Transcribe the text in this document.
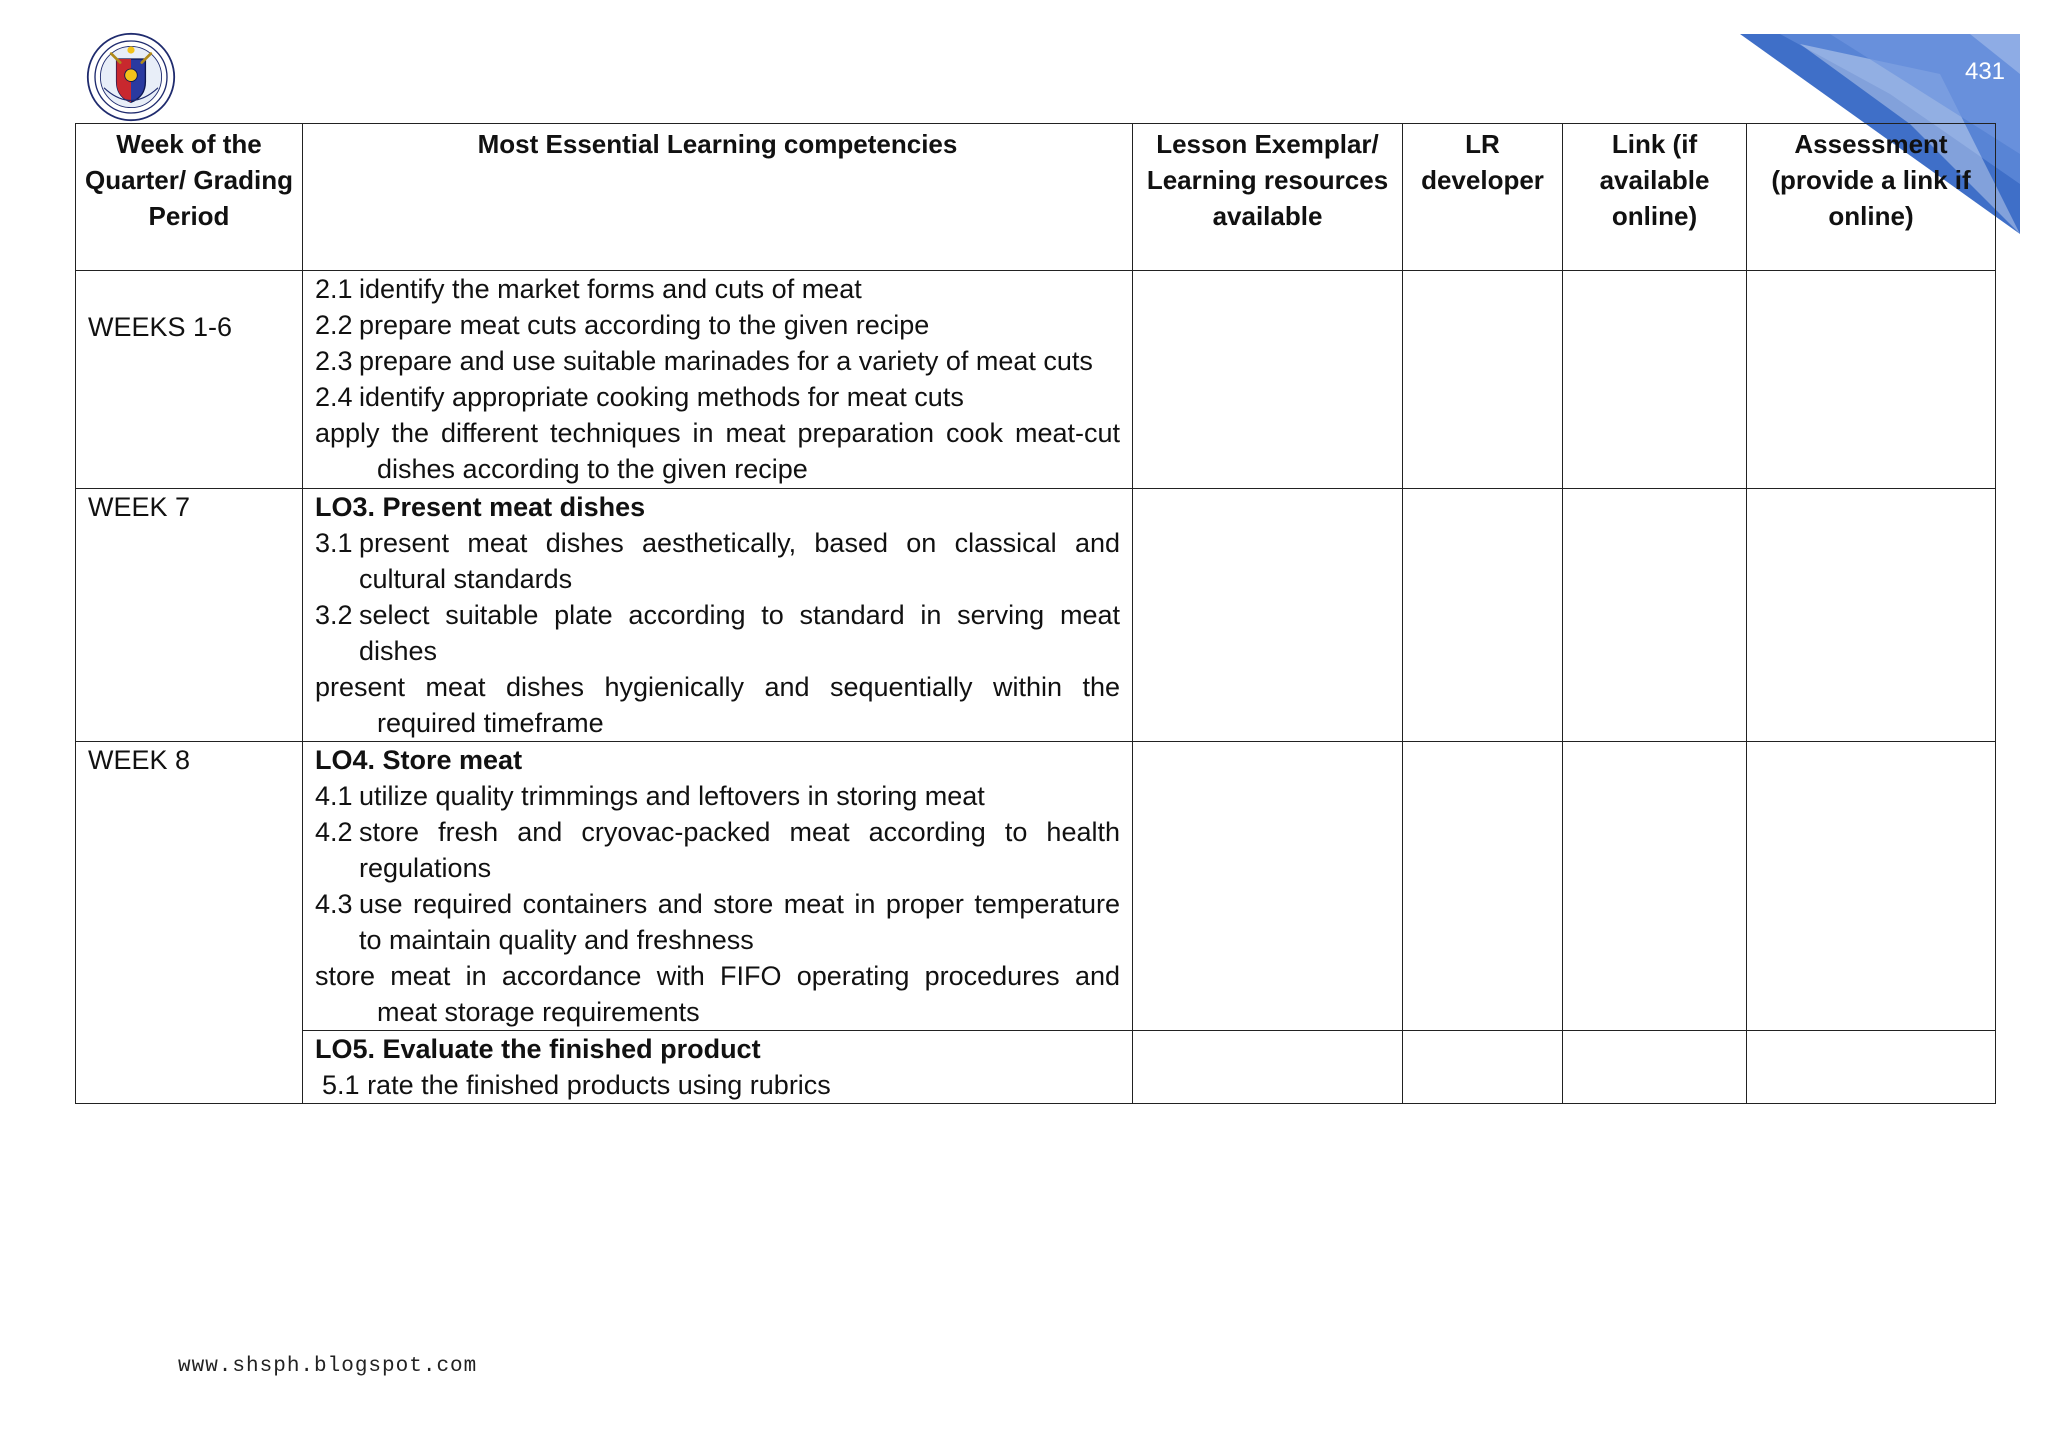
431
Week of the Quarter/ Grading Period	Most Essential Learning competencies	Lesson Exemplar/ Learning resources available	LR developer	Link (if available online)	Assessment (provide a link if online)

WEEKS 1-6	2.1 identify the market forms and cuts of meat
2.2 prepare meat cuts according to the given recipe
2.3 prepare and use suitable marinades for a variety of meat cuts
2.4 identify appropriate cooking methods for meat cuts
apply the different techniques in meat preparation cook meat-cut dishes according to the given recipe				

WEEK 7	LO3. Present meat dishes
3.1 present meat dishes aesthetically, based on classical and cultural standards
3.2 select suitable plate according to standard in serving meat dishes
present meat dishes hygienically and sequentially within the required timeframe				

WEEK 8	LO4. Store meat
4.1 utilize quality trimmings and leftovers in storing meat
4.2 store fresh and cryovac-packed meat according to health regulations
4.3 use required containers and store meat in proper temperature to maintain quality and freshness
store meat in accordance with FIFO operating procedures and meat storage requirements				

	LO5. Evaluate the finished product
5.1 rate the finished products using rubrics				

www.shsph.blogspot.com
